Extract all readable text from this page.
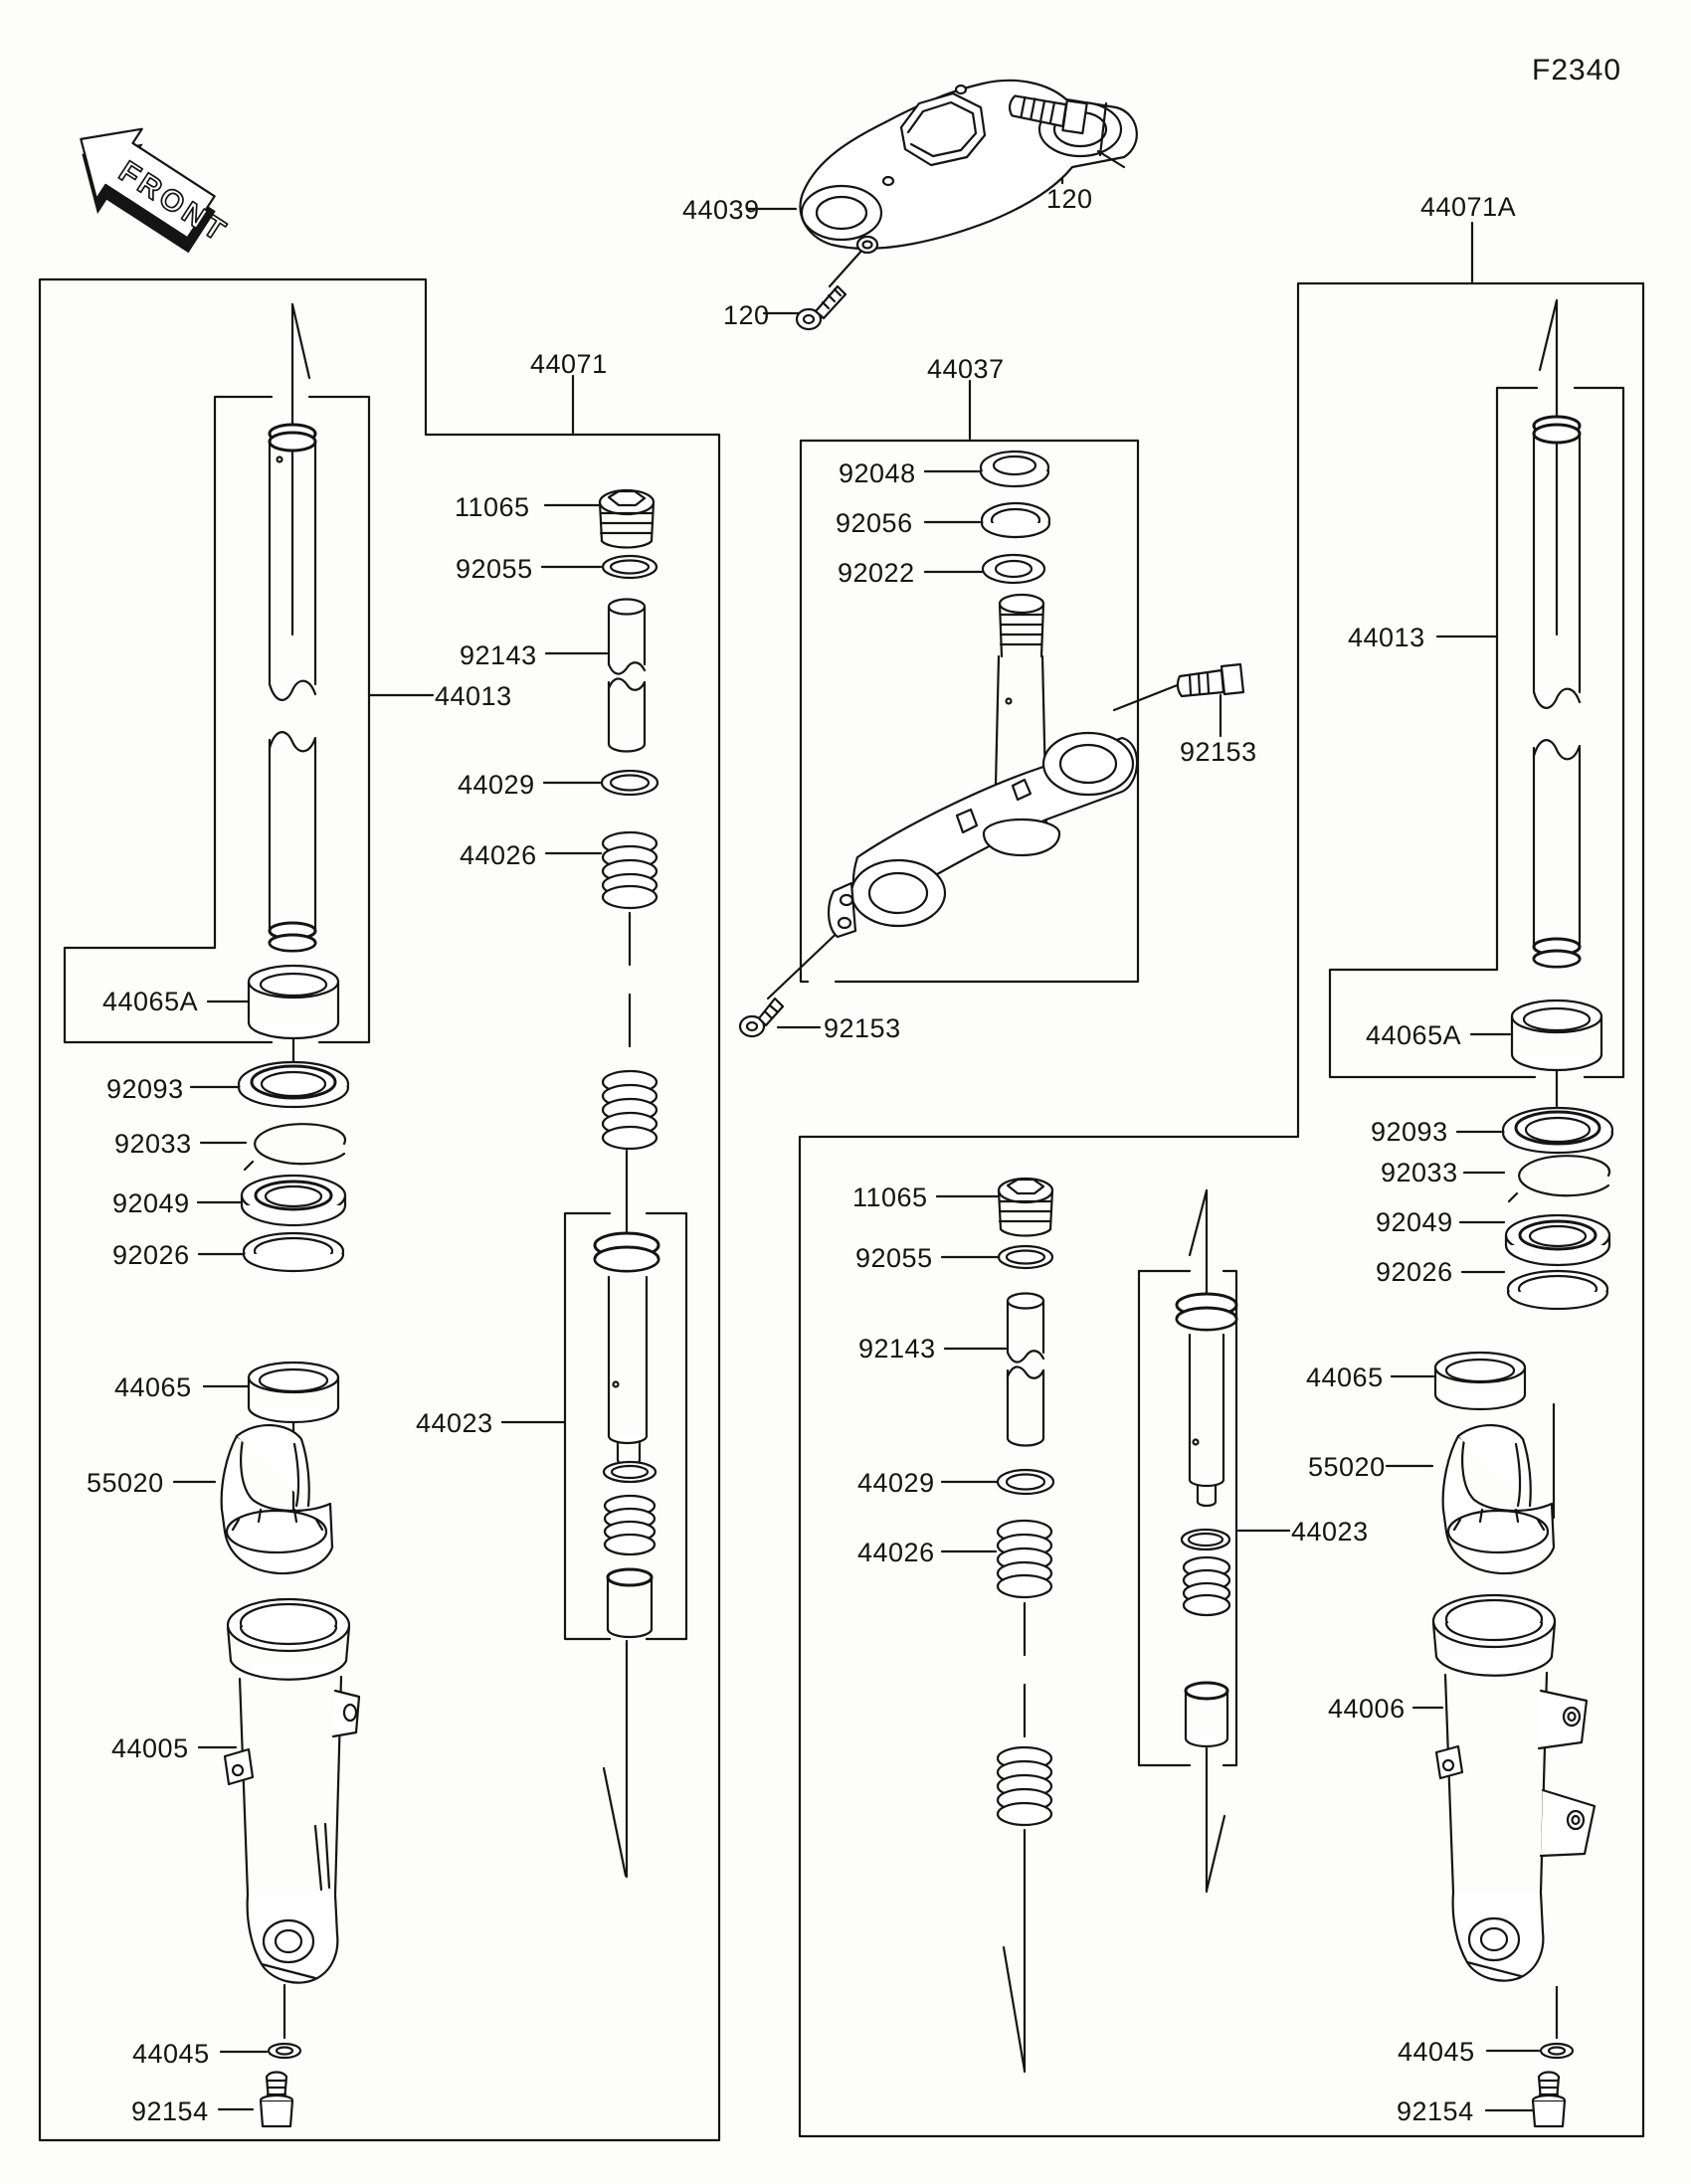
FRONT
F2340
44039	120
120
44071
44071A
44037
92048
92056
92022
92153
92153
11065
92055
92143
44013
44029
44026
44023
44065A
92093
92033
92049
92026
44065
55020
44005
44045
92154
11065
92055
92143
44029
44026
44023
44013
44065A
92093
92033
92049
92026
44065
55020
44006
44045
92154
